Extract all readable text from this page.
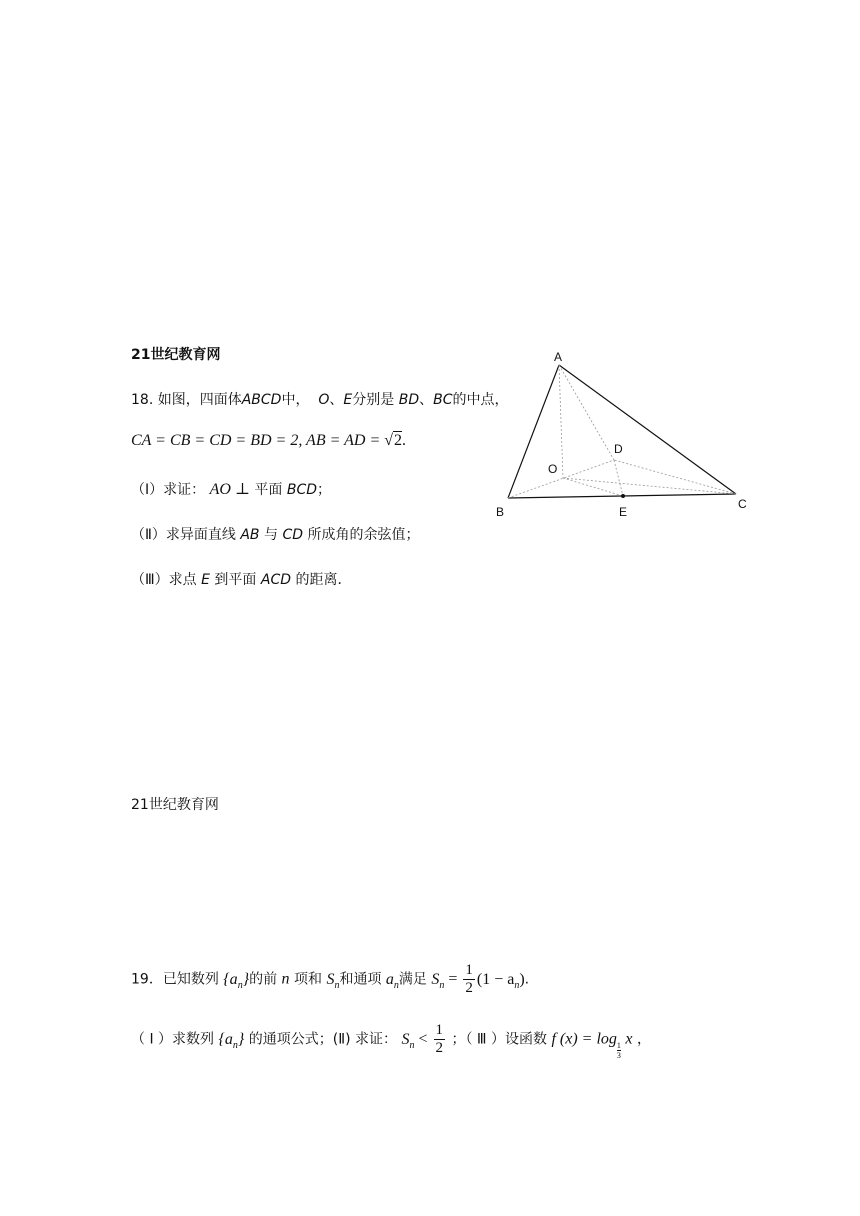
21世纪教育网
18. 如图，四面体ABCD中， O、E分别是 BD、BC的中点，
CA = CB = CD = BD = 2, AB = AD = √2.
（Ⅰ）求证： AO ⊥ 平面 BCD；
（Ⅱ）求异面直线 AB 与 CD 所成角的余弦值；
（Ⅲ）求点 E 到平面 ACD 的距离．
A
B
C
D
O
E
21世纪教育网
19．已知数列 $\{a_n\}$的前 n 项和 $S_n$和通项 $a_n$满足 $S_n = \frac{1}{2} (1 - a_n)$.
（ Ⅰ ）求数列 $\{a_n\}$ 的通项公式；(Ⅱ) 求证： $S_n < \frac{1}{2}$ ；（ Ⅲ ）设函数 f (x) = log
$\frac{1}{3}$
x ，
